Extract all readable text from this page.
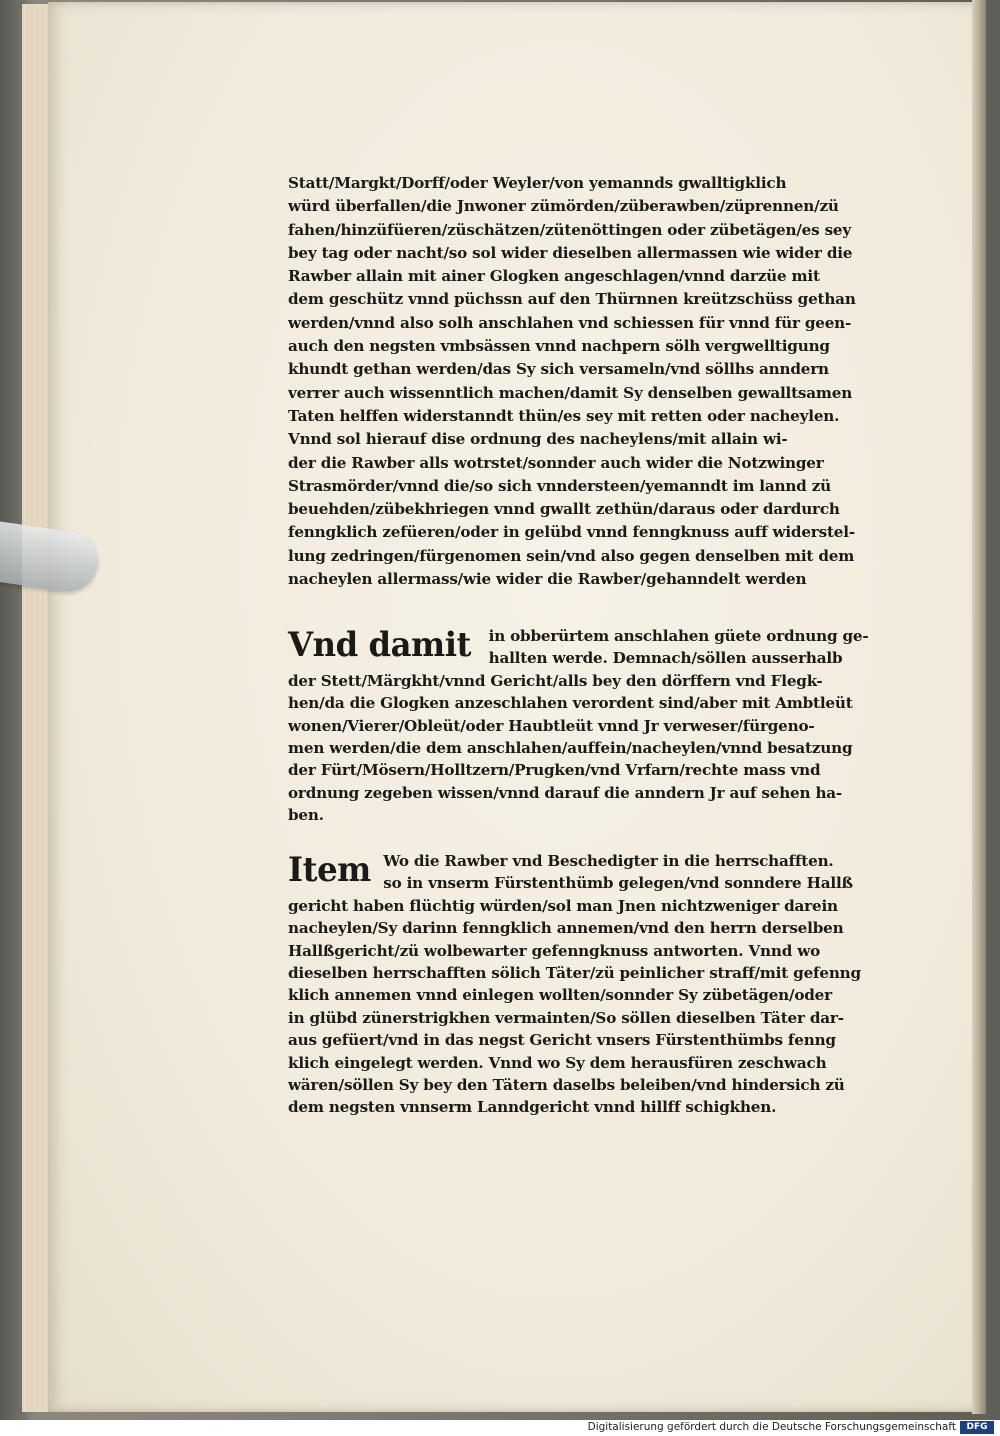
Statt/Margkt/Dorff/oder Weyler/von yemannds gwalltigklich
würd überfallen/die Jnwoner zümörden/züberawben/züprennen/zü
fahen/hinzüfüeren/züschätzen/zütenöttingen oder zübetägen/es sey
bey tag oder nacht/so sol wider dieselben allermassen wie wider die
Rawber allain mit ainer Glogken angeschlagen/vnnd darzüe mit
dem geschütz vnnd püchssn auf den Thürnnen kreützschüss gethan
werden/vnnd also solh anschlahen vnd schiessen für vnnd für geen-
auch den negsten vmbsässen vnnd nachpern sölh vergwelltigung
khundt gethan werden/das Sy sich versameln/vnd söllhs anndern
verrer auch wissenntlich machen/damit Sy denselben gewalltsamen
Taten helffen widerstanndt thün/es sey mit retten oder nacheylen.
Vnnd sol hierauf dise ordnung des nacheylens/mit allain wi-
der die Rawber alls wotrstet/sonnder auch wider die Notzwinger
Strasmörder/vnnd die/so sich vnndersteen/yemanndt im lannd zü
beuehden/zübekhriegen vnnd gwallt zethün/daraus oder dardurch
fenngklich zefüeren/oder in gelübd vnnd fenngknuss auff widerstel-
lung zedringen/fürgenomen sein/vnd also gegen denselben mit dem
nacheylen allermass/wie wider die Rawber/gehanndelt werden
Vnd damit in obberürtem anschlahen güete ordnung ge-
hallten werde. Demnach/söllen ausserhalb
der Stett/Märgkht/vnnd Gericht/alls bey den dörffern vnd Flegk-
hen/da die Glogken anzeschlahen verordent sind/aber mit Ambtleüt
wonen/Vierer/Obleüt/oder Haubtleüt vnnd Jr verweser/fürgeno-
men werden/die dem anschlahen/auffein/nacheylen/vnnd besatzung
der Fürt/Mösern/Holltzern/Prugken/vnd Vrfarn/rechte mass vnd
ordnung zegeben wissen/vnnd darauf die anndern Jr auf sehen ha-
ben.
Item Wo die Rawber vnd Beschedigter in die herrschafften.
so in vnserm Fürstenthümb gelegen/vnd sonndere Hallß
gericht haben flüchtig würden/sol man Jnen nichtzweniger darein
nacheylen/Sy darinn fenngklich annemen/vnd den herrn derselben
Hallßgericht/zü wolbewarter gefenngknuss antworten. Vnnd wo
dieselben herrschafften sölich Täter/zü peinlicher straff/mit gefenng
klich annemen vnnd einlegen wollten/sonnder Sy zübetägen/oder
in glübd zünerstrigkhen vermainten/So söllen dieselben Täter dar-
aus gefüert/vnd in das negst Gericht vnsers Fürstenthümbs fenng
klich eingelegt werden. Vnnd wo Sy dem herausfüren zeschwach
wären/söllen Sy bey den Tätern daselbs beleiben/vnd hindersich zü
dem negsten vnnserm Lanndgericht vnnd hillff schigkhen.
Digitalisierung gefördert durch die Deutsche Forschungsgemeinschaft	DFG
